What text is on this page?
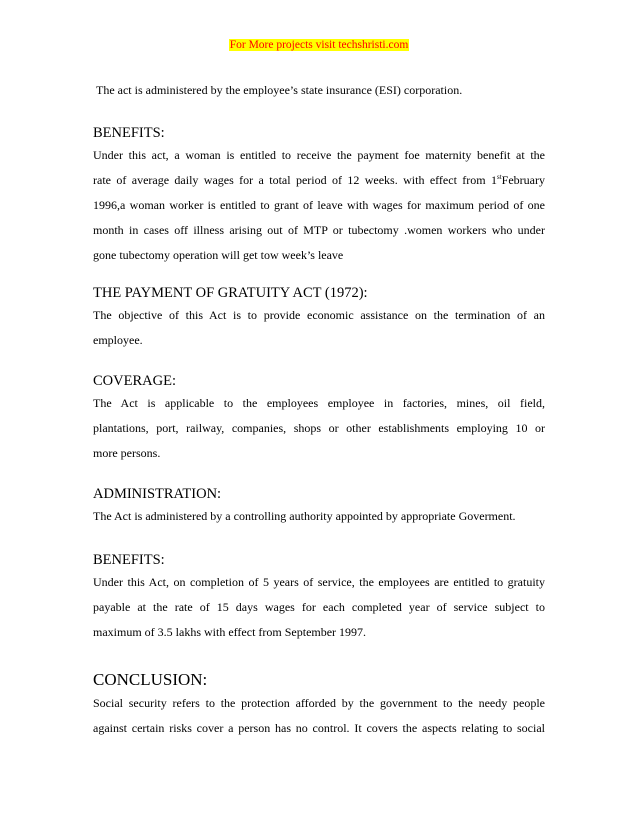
For More projects visit techshristi.com
The act is administered by the employee’s state insurance (ESI) corporation.
BENEFITS:
Under this act, a woman is entitled to receive the payment foe maternity benefit at the
rate of average daily wages for a total period of 12 weeks. with effect from 1stFebruary
1996,a woman worker is entitled to grant of leave with wages for maximum period of one
month in cases off illness arising out of MTP or tubectomy .women workers who under
gone tubectomy operation will get tow week’s leave
THE PAYMENT OF GRATUITY ACT (1972):
The objective of this Act is to provide economic assistance on the termination of an
employee.
COVERAGE:
The Act is applicable to the employees employee in factories, mines, oil field,
plantations, port, railway, companies, shops or other establishments employing 10 or
more persons.
ADMINISTRATION:
The Act is administered by a controlling authority appointed by appropriate Goverment.
BENEFITS:
Under this Act, on completion of 5 years of service, the employees are entitled to gratuity
payable at the rate of 15 days wages for each completed year of service subject to
maximum of 3.5 lakhs with effect from September 1997.
CONCLUSION:
Social security refers to the protection afforded by the government to the needy people
against certain risks cover a person has no control. It covers the aspects relating to social
